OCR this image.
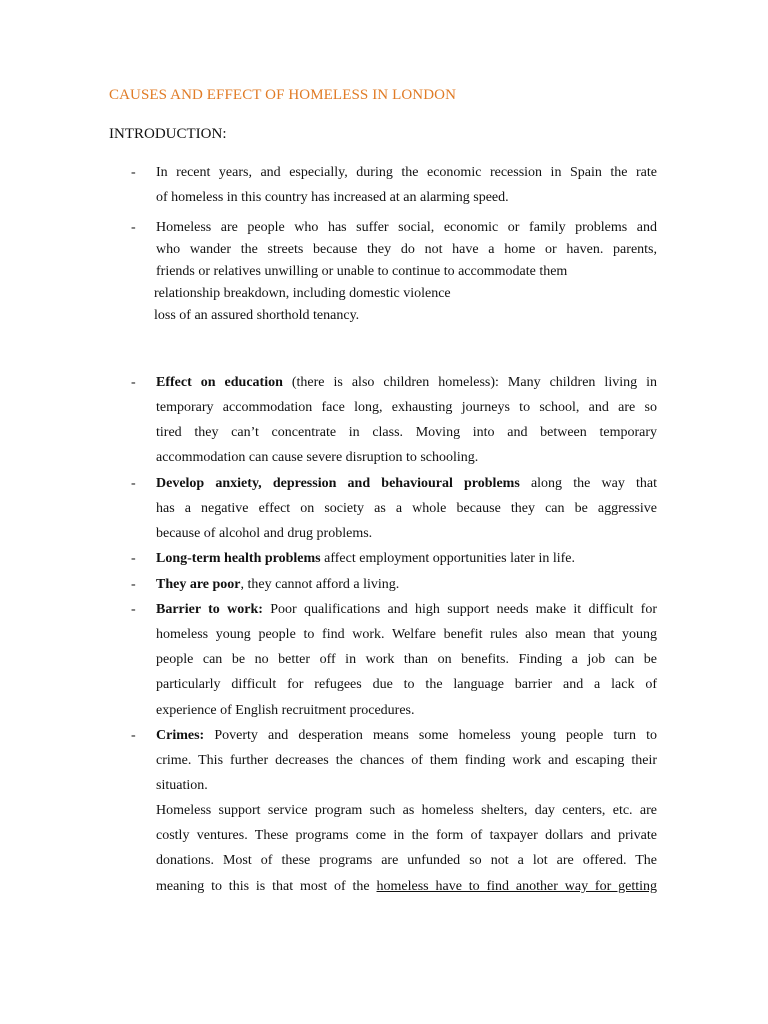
CAUSES AND EFFECT OF HOMELESS IN LONDON
INTRODUCTION:
- In recent years, and especially, during the economic recession in Spain the rate
of homeless in this country has increased at an alarming speed.
- Homeless are people who has suffer social, economic or family problems and
who wander the streets because they do not have a home or haven. parents,
friends or relatives unwilling or unable to continue to accommodate them
relationship breakdown, including domestic violence
loss of an assured shorthold tenancy.
- Effect on education (there is also children homeless): Many children living in
temporary accommodation face long, exhausting journeys to school, and are so
tired they can’t concentrate in class. Moving into and between temporary
accommodation can cause severe disruption to schooling.
- Develop anxiety, depression and behavioural problems along the way that
has a negative effect on society as a whole because they can be aggressive
because of alcohol and drug problems.
- Long-term health problems affect employment opportunities later in life.
- They are poor, they cannot afford a living.
- Barrier to work: Poor qualifications and high support needs make it difficult for
homeless young people to find work. Welfare benefit rules also mean that young
people can be no better off in work than on benefits. Finding a job can be
particularly difficult for refugees due to the language barrier and a lack of
experience of English recruitment procedures.
- Crimes: Poverty and desperation means some homeless young people turn to
crime. This further decreases the chances of them finding work and escaping their
situation.
Homeless support service program such as homeless shelters, day centers, etc. are
costly ventures. These programs come in the form of taxpayer dollars and private
donations. Most of these programs are unfunded so not a lot are offered. The
meaning to this is that most of the homeless have to find another way for getting
